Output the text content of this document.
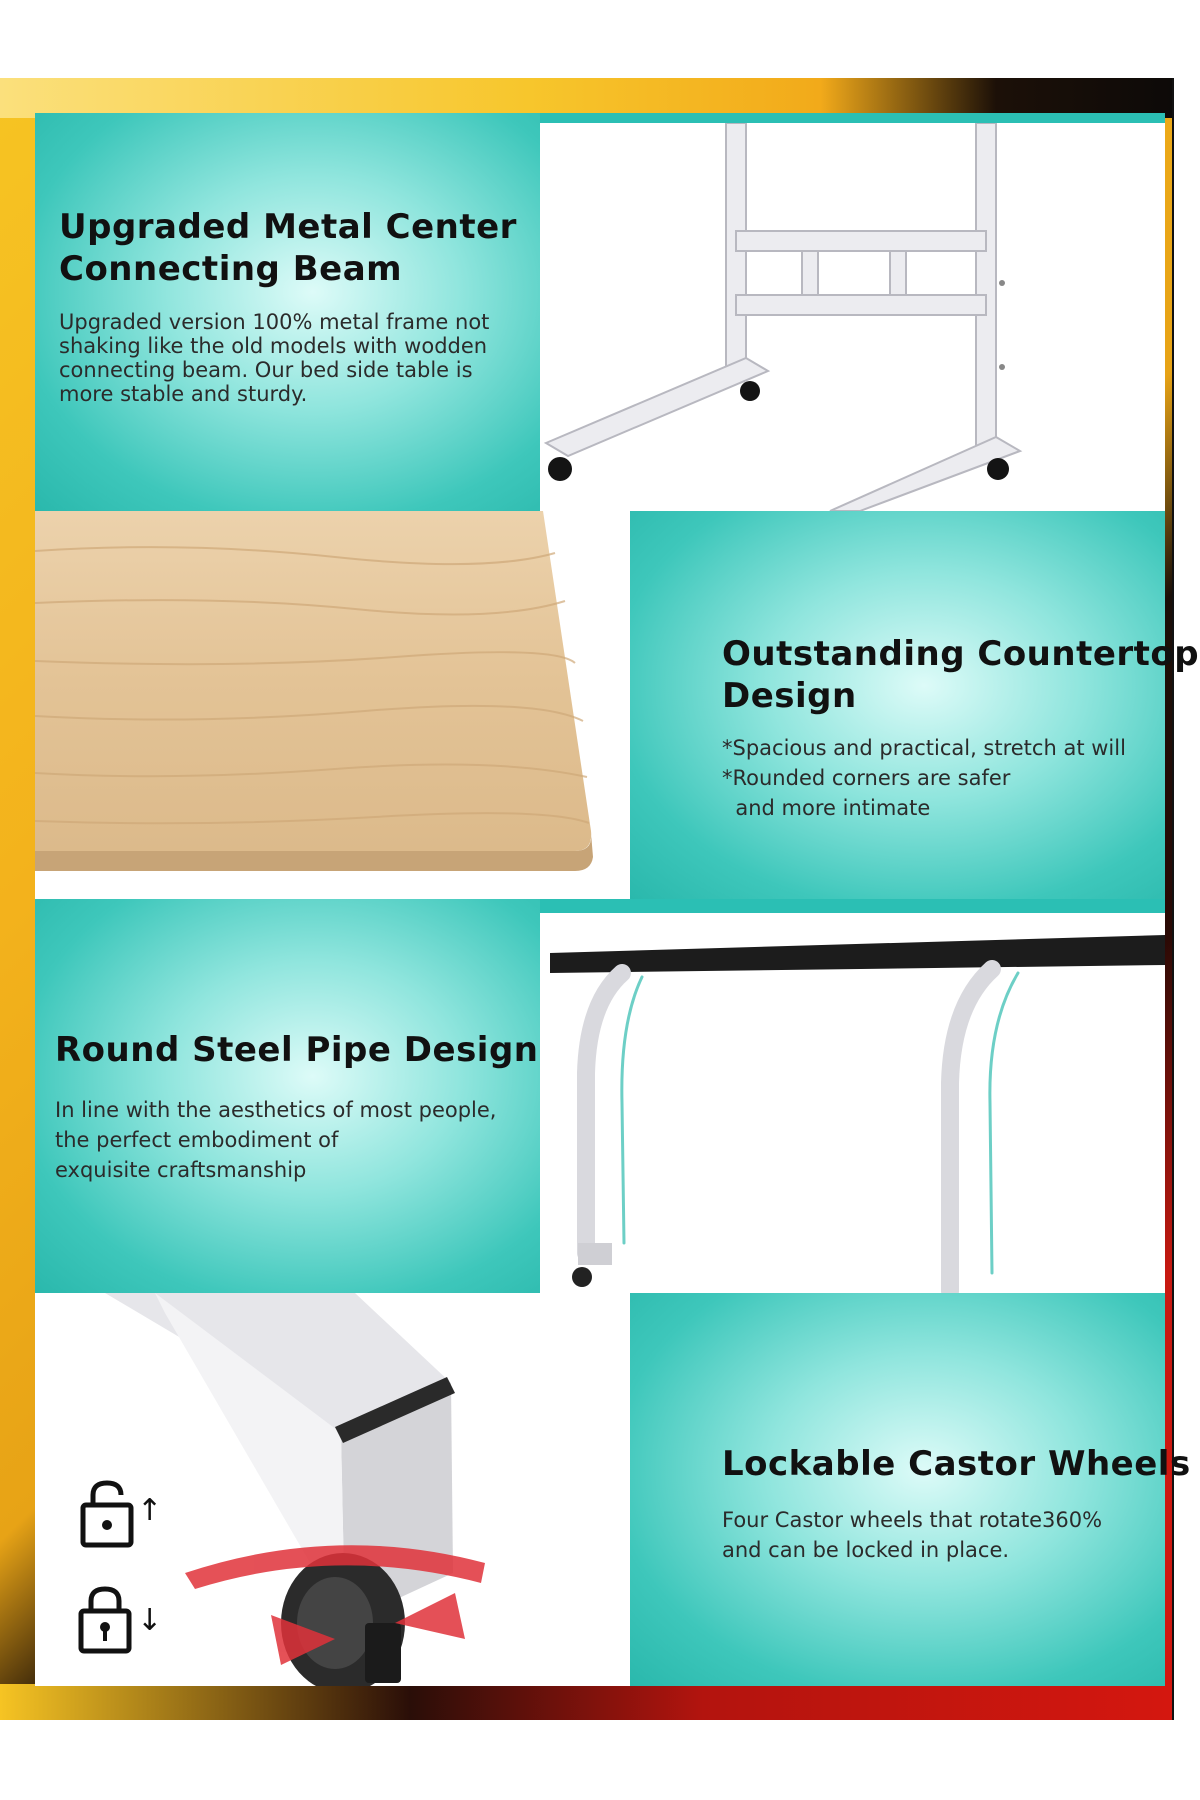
Upgraded Metal Center
Connecting Beam

Upgraded version 100% metal frame not
shaking like the old models with wodden
connecting beam. Our bed side table is
more stable and sturdy.

Outstanding Countertop
Design

*Spacious and practical, stretch at will
*Rounded corners are safer
and more intimate

Round Steel Pipe Design

In line with the aesthetics of most people,
the perfect embodiment of
exquisite craftsmanship

↑
↓
Lockable Castor Wheels

Four Castor wheels that rotate360%
and can be locked in place.
